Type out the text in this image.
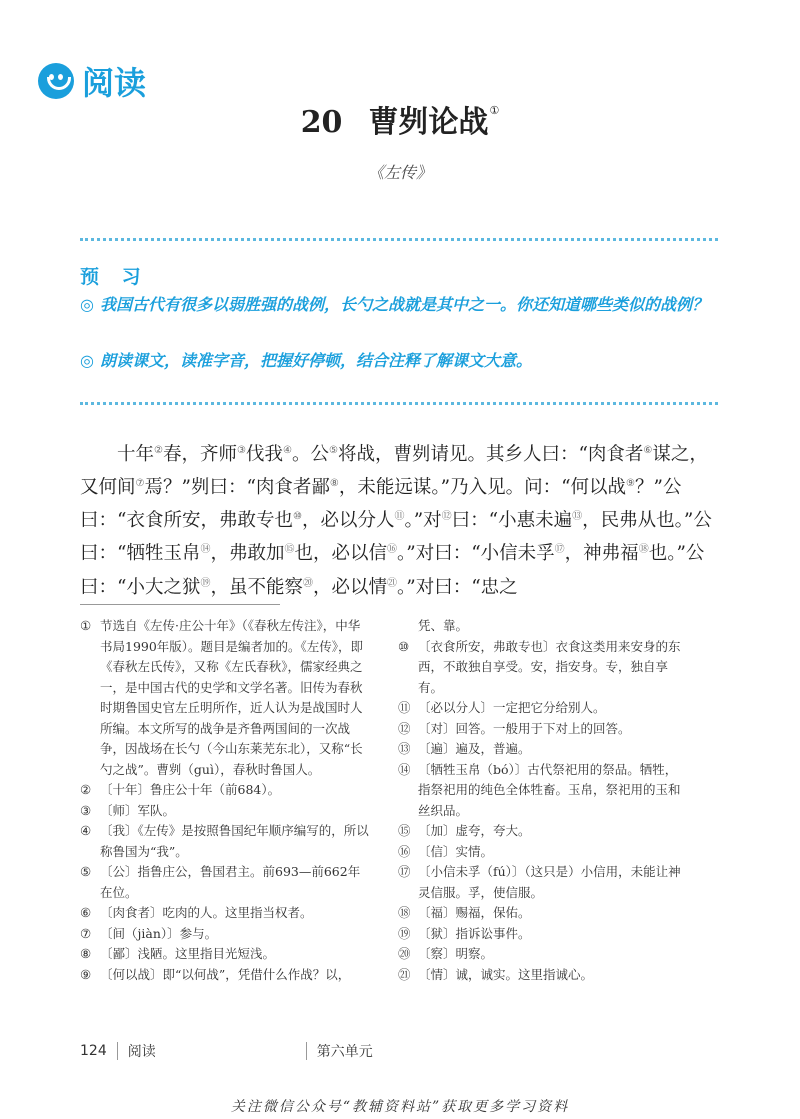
阅读
20 曹刿论战①
《左传》
预 习
◎ 我国古代有很多以弱胜强的战例，长勺之战就是其中之一。你还知道哪些类似的战例？
◎ 朗读课文，读准字音，把握好停顿，结合注释了解课文大意。
十年②春，齐师③伐我④。公⑤将战，曹刿请见。其乡人曰：“肉食者⑥谋之，又何间⑦焉？”刿曰：“肉食者鄙⑧，未能远谋。”乃入见。问：“何以战⑨？”公曰：“衣食所安，弗敢专也⑩，必以分人⑪。”对⑫曰：“小惠未遍⑬，民弗从也。”公曰：“牺牲玉帛⑭，弗敢加⑮也，必以信⑯。”对曰：“小信未孚⑰，神弗福⑱也。”公曰：“小大之狱⑲，虽不能察⑳，必以情$^㉑$。”对曰：“忠之
① 节选自《左传·庄公十年》（《春秋左传注》，中华书局1990年版）。题目是编者加的。《左传》，即《春秋左氏传》，又称《左氏春秋》，儒家经典之一，是中国古代的史学和文学名著。旧传为春秋时期鲁国史官左丘明所作，近人认为是战国时人所编。本文所写的战争是齐鲁两国间的一次战争，因战场在长勺（今山东莱芜东北），又称“长勺之战”。曹刿（guì），春秋时鲁国人。
② 〔十年〕鲁庄公十年（前684）。
③ 〔师〕军队。
④ 〔我〕《左传》是按照鲁国纪年顺序编写的，所以称鲁国为“我”。
⑤ 〔公〕指鲁庄公，鲁国君主。前693—前662年在位。
⑥ 〔肉食者〕吃肉的人。这里指当权者。
⑦ 〔间（jiàn）〕参与。
⑧ 〔鄙〕浅陋。这里指目光短浅。
⑨ 〔何以战〕即“以何战”，凭借什么作战？以，
凭、靠。
⑩ 〔衣食所安，弗敢专也〕衣食这类用来安身的东西，不敢独自享受。安，指安身。专，独自享有。
⑪ 〔必以分人〕一定把它分给别人。
⑫ 〔对〕回答。一般用于下对上的回答。
⑬ 〔遍〕遍及，普遍。
⑭ 〔牺牲玉帛（bó）〕古代祭祀用的祭品。牺牲，指祭祀用的纯色全体牲畜。玉帛，祭祀用的玉和丝织品。
⑮ 〔加〕虚夸，夸大。
⑯ 〔信〕实情。
⑰ 〔小信未孚（fú）〕（这只是）小信用，未能让神灵信服。孚，使信服。
⑱ 〔福〕赐福，保佑。
⑲ 〔狱〕指诉讼事件。
⑳ 〔察〕明察。
㉑ 〔情〕诚，诚实。这里指诚心。
124 阅读	第六单元
关注微信公众号“教辅资料站”获取更多学习资料
